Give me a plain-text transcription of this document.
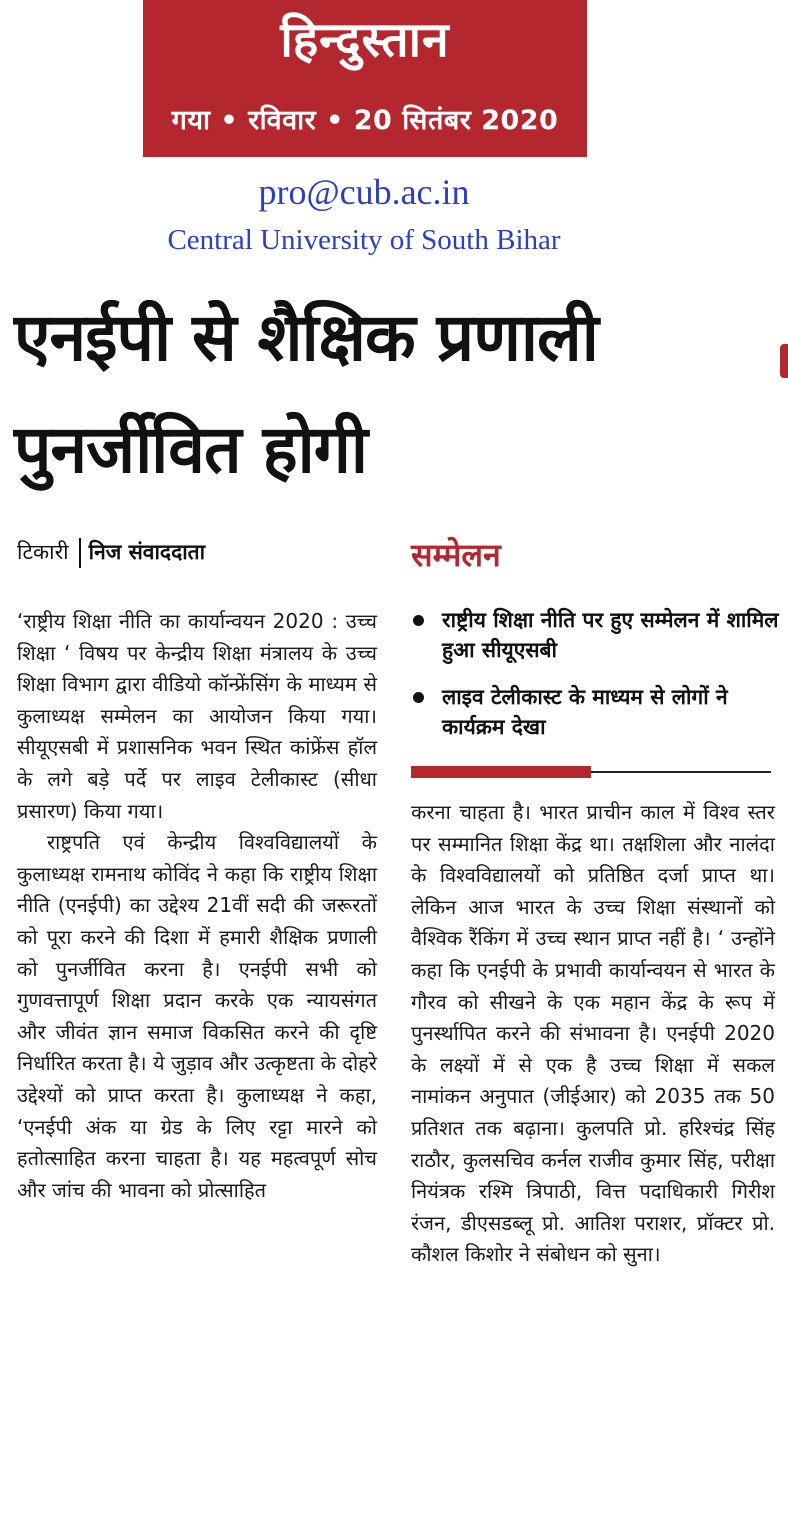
हिन्दुस्तान
गया • रविवार • 20 सितंबर 2020
pro@cub.ac.in
Central University of South Bihar
एनईपी से शैक्षिक प्रणाली
पुनर्जीवित होगी
टिकारी निज संवाददाता	सम्मेलन
राष्ट्रीय शिक्षा नीति पर हुए सम्मेलन में शामिल हुआ सीयूएसबी
लाइव टेलीकास्ट के माध्यम से लोगों ने कार्यक्रम देखा

‘राष्ट्रीय शिक्षा नीति का कार्यान्वयन 2020 : उच्च शिक्षा ‘ विषय पर केन्द्रीय शिक्षा मंत्रालय के उच्च शिक्षा विभाग द्वारा वीडियो कॉन्फ्रेंसिंग के माध्यम से कुलाध्यक्ष सम्मेलन का आयोजन किया गया। सीयूएसबी में प्रशासनिक भवन स्थित कांफ्रेंस हॉल के लगे बड़े पर्दे पर लाइव टेलीकास्ट (सीधा प्रसारण) किया गया।

राष्ट्रपति एवं केन्द्रीय विश्वविद्यालयों के कुलाध्यक्ष रामनाथ कोविंद ने कहा कि राष्ट्रीय शिक्षा नीति (एनईपी) का उद्देश्य 21वीं सदी की जरूरतों को पूरा करने की दिशा में हमारी शैक्षिक प्रणाली को पुनर्जीवित करना है। एनईपी सभी को गुणवत्तापूर्ण शिक्षा प्रदान करके एक न्यायसंगत और जीवंत ज्ञान समाज विकसित करने की दृष्टि निर्धारित करता है। ये जुड़ाव और उत्कृष्टता के दोहरे उद्देश्यों को प्राप्त करता है। कुलाध्यक्ष ने कहा, ‘एनईपी अंक या ग्रेड के लिए रट्टा मारने को हतोत्साहित करना चाहता है। यह महत्वपूर्ण सोच और जांच की भावना को प्रोत्साहित

करना चाहता है। भारत प्राचीन काल में विश्व स्तर पर सम्मानित शिक्षा केंद्र था। तक्षशिला और नालंदा के विश्वविद्यालयों को प्रतिष्ठित दर्जा प्राप्त था। लेकिन आज भारत के उच्च शिक्षा संस्थानों को वैश्विक रैंकिंग में उच्च स्थान प्राप्त नहीं है। ‘ उन्होंने कहा कि एनईपी के प्रभावी कार्यान्वयन से भारत के गौरव को सीखने के एक महान केंद्र के रूप में पुनर्स्थापित करने की संभावना है। एनईपी 2020 के लक्ष्यों में से एक है उच्च शिक्षा में सकल नामांकन अनुपात (जीईआर) को 2035 तक 50 प्रतिशत तक बढ़ाना। कुलपति प्रो. हरिश्चंद्र सिंह राठौर, कुलसचिव कर्नल राजीव कुमार सिंह, परीक्षा नियंत्रक रश्मि त्रिपाठी, वित्त पदाधिकारी गिरीश रंजन, डीएसडब्लू प्रो. आतिश पराशर, प्रॉक्टर प्रो. कौशल किशोर ने संबोधन को सुना।
